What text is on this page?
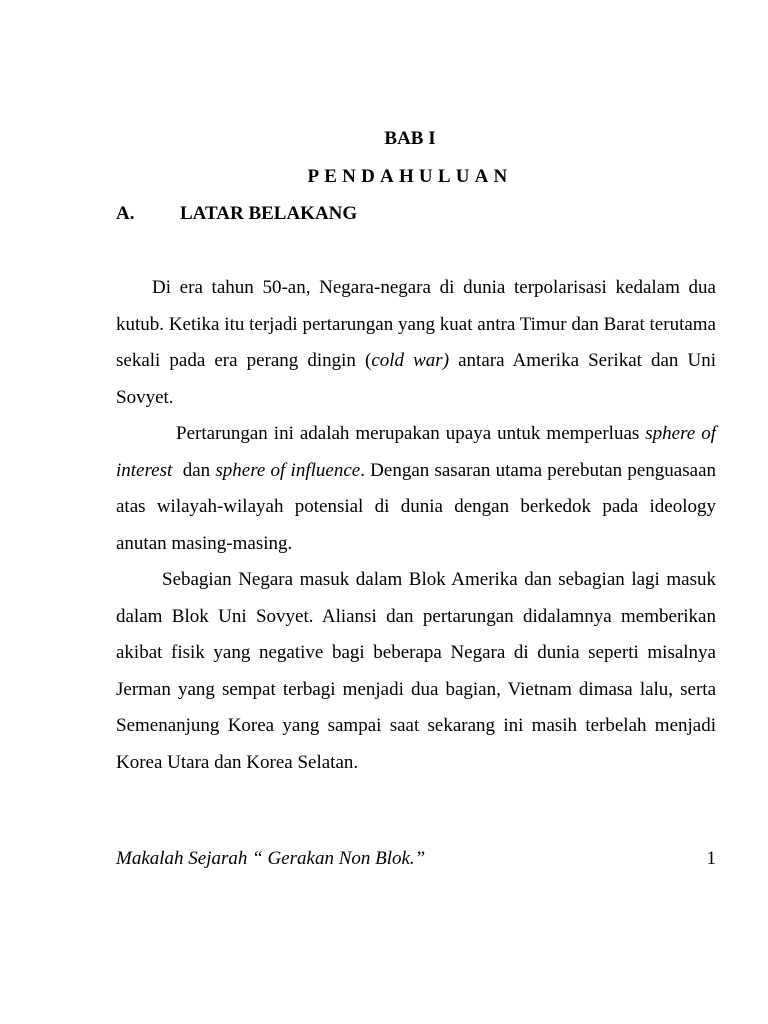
BAB I
PENDAHULUAN
A. LATAR BELAKANG

Di era tahun 50-an, Negara-negara di dunia terpolarisasi kedalam dua kutub. Ketika itu terjadi pertarungan yang kuat antra Timur dan Barat terutama sekali pada era perang dingin (cold war) antara Amerika Serikat dan Uni Sovyet.

Pertarungan ini adalah merupakan upaya untuk memperluas sphere of interest  dan sphere of influence. Dengan sasaran utama perebutan penguasaan atas wilayah-wilayah potensial di dunia dengan berkedok pada ideology anutan masing-masing.

Sebagian Negara masuk dalam Blok Amerika dan sebagian lagi masuk dalam Blok Uni Sovyet. Aliansi dan pertarungan didalamnya memberikan akibat fisik yang negative bagi beberapa Negara di dunia seperti misalnya Jerman yang sempat terbagi menjadi dua bagian, Vietnam dimasa lalu, serta Semenanjung Korea yang sampai saat sekarang ini masih terbelah menjadi Korea Utara dan Korea Selatan.

Makalah Sejarah “ Gerakan Non Blok.”	1
